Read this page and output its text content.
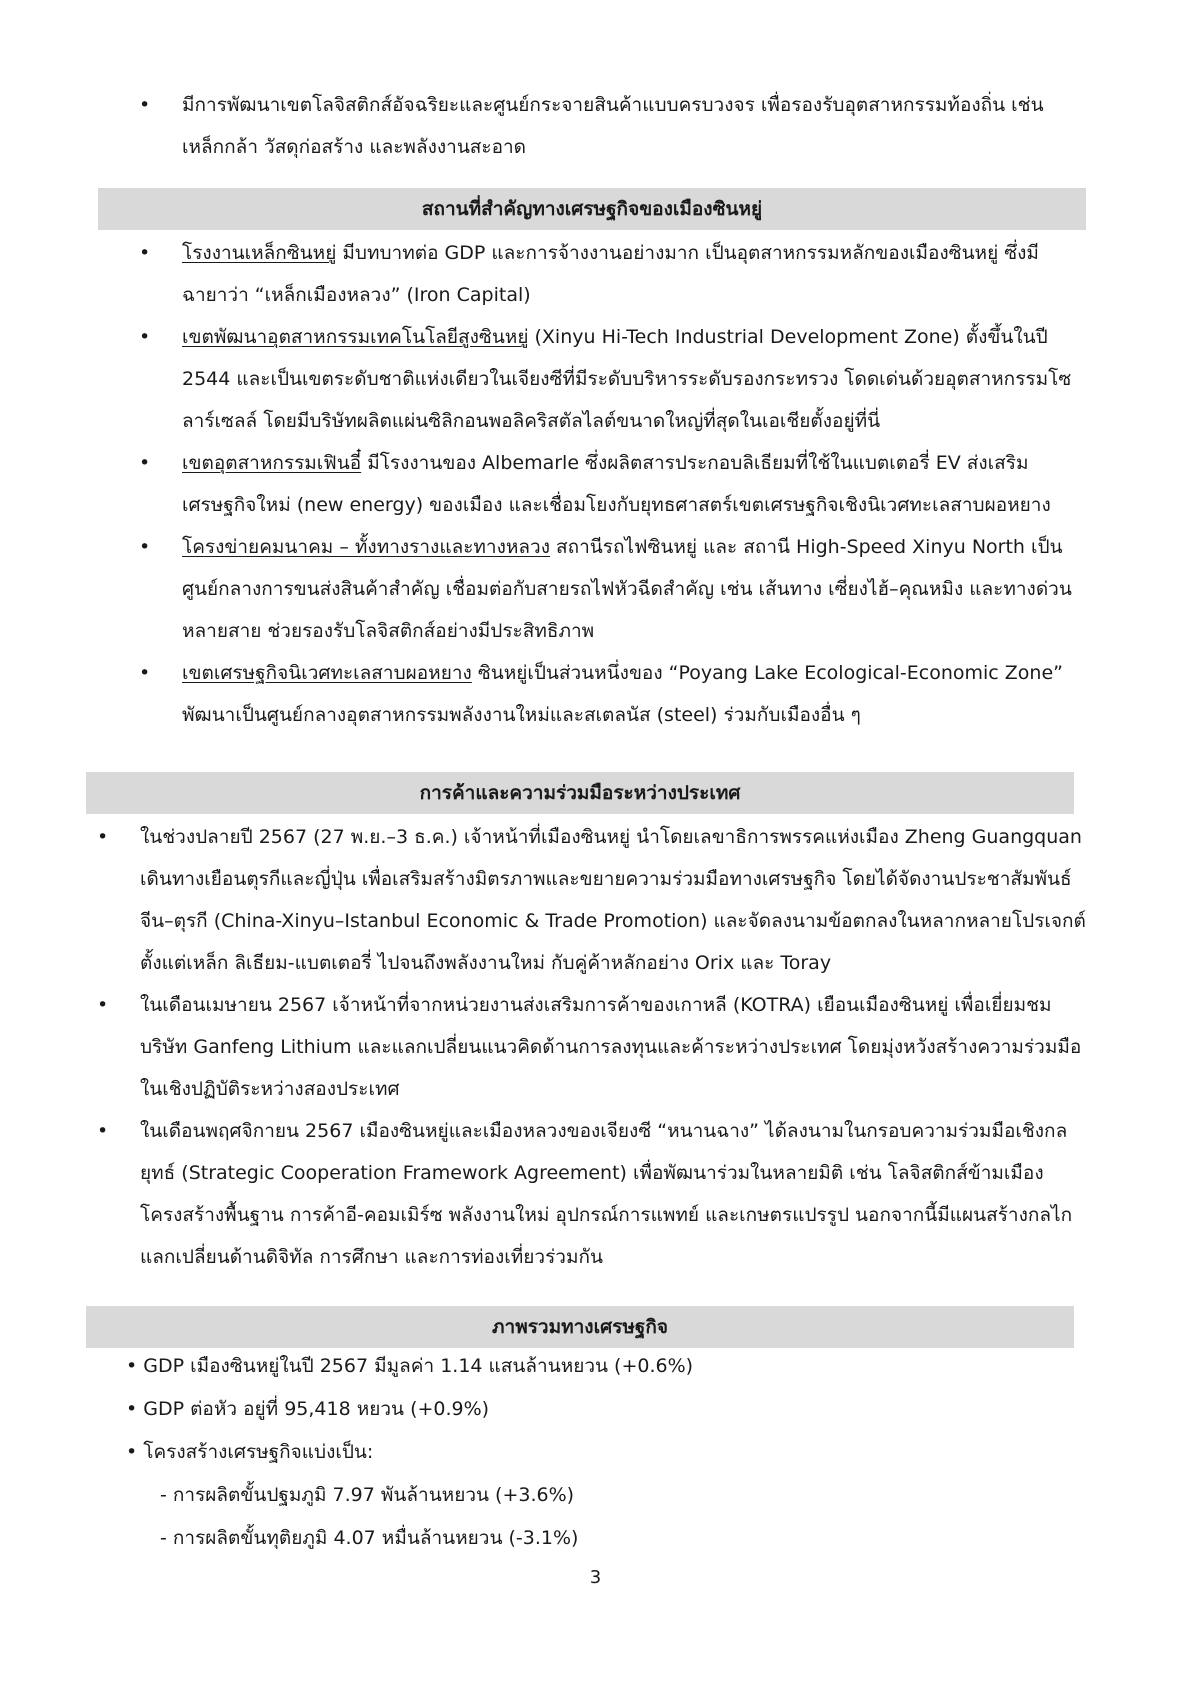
• มีการพัฒนาเขตโลจิสติกส์อัจฉริยะและศูนย์กระจายสินค้าแบบครบวงจร เพื่อรองรับอุตสาหกรรมท้องถิ่น เช่น เหล็กกล้า วัสดุก่อสร้าง และพลังงานสะอาด
สถานที่สำคัญทางเศรษฐกิจของเมืองซินหยู่
• โรงงานเหล็กซินหยู่ มีบทบาทต่อ GDP และการจ้างงานอย่างมาก เป็นอุตสาหกรรมหลักของเมืองซินหยู่ ซึ่งมีฉายาว่า “เหล็กเมืองหลวง” (Iron Capital)
• เขตพัฒนาอุตสาหกรรมเทคโนโลยีสูงซินหยู่ (Xinyu Hi-Tech Industrial Development Zone) ตั้งขึ้นในปี 2544 และเป็นเขตระดับชาติแห่งเดียวในเจียงซีที่มีระดับบริหารระดับรองกระทรวง โดดเด่นด้วยอุตสาหกรรมโซลาร์เซลล์ โดยมีบริษัทผลิตแผ่นซิลิกอนพอลิคริสตัลไลต์ขนาดใหญ่ที่สุดในเอเชียตั้งอยู่ที่นี่
• เขตอุตสาหกรรมเฟินอี๋ มีโรงงานของ Albemarle ซึ่งผลิตสารประกอบลิเธียมที่ใช้ในแบตเตอรี่ EV ส่งเสริมเศรษฐกิจใหม่ (new energy) ของเมือง และเชื่อมโยงกับยุทธศาสตร์เขตเศรษฐกิจเชิงนิเวศทะเลสาบผอหยาง
• โครงข่ายคมนาคม – ทั้งทางรางและทางหลวง สถานีรถไฟซินหยู่ และ สถานี High-Speed Xinyu North เป็นศูนย์กลางการขนส่งสินค้าสำคัญ เชื่อมต่อกับสายรถไฟหัวฉีดสำคัญ เช่น เส้นทาง เซี่ยงไฮ้–คุณหมิง และทางด่วนหลายสาย ช่วยรองรับโลจิสติกส์อย่างมีประสิทธิภาพ
• เขตเศรษฐกิจนิเวศทะเลสาบผอหยาง ซินหยู่เป็นส่วนหนึ่งของ “Poyang Lake Ecological-Economic Zone” พัฒนาเป็นศูนย์กลางอุตสาหกรรมพลังงานใหม่และสเตลนัส (steel) ร่วมกับเมืองอื่น ๆ
การค้าและความร่วมมือระหว่างประเทศ
• ในช่วงปลายปี 2567 (27 พ.ย.–3 ธ.ค.) เจ้าหน้าที่เมืองซินหยู่ นำโดยเลขาธิการพรรคแห่งเมือง Zheng Guangquan เดินทางเยือนตุรกีและญี่ปุ่น เพื่อเสริมสร้างมิตรภาพและขยายความร่วมมือทางเศรษฐกิจ โดยได้จัดงานประชาสัมพันธ์จีน–ตุรกี (China-Xinyu–Istanbul Economic & Trade Promotion) และจัดลงนามข้อตกลงในหลากหลายโปรเจกต์ ตั้งแต่เหล็ก ลิเธียม-แบตเตอรี่ ไปจนถึงพลังงานใหม่ กับคู่ค้าหลักอย่าง Orix และ Toray
• ในเดือนเมษายน 2567 เจ้าหน้าที่จากหน่วยงานส่งเสริมการค้าของเกาหลี (KOTRA) เยือนเมืองซินหยู่ เพื่อเยี่ยมชมบริษัท Ganfeng Lithium และแลกเปลี่ยนแนวคิดด้านการลงทุนและค้าระหว่างประเทศ โดยมุ่งหวังสร้างความร่วมมือในเชิงปฏิบัติระหว่างสองประเทศ
• ในเดือนพฤศจิกายน 2567 เมืองซินหยู่และเมืองหลวงของเจียงซี “หนานฉาง” ได้ลงนามในกรอบความร่วมมือเชิงกลยุทธ์ (Strategic Cooperation Framework Agreement) เพื่อพัฒนาร่วมในหลายมิติ เช่น โลจิสติกส์ข้ามเมือง โครงสร้างพื้นฐาน การค้าอี-คอมเมิร์ซ พลังงานใหม่ อุปกรณ์การแพทย์ และเกษตรแปรรูป นอกจากนี้มีแผนสร้างกลไกแลกเปลี่ยนด้านดิจิทัล การศึกษา และการท่องเที่ยวร่วมกัน
ภาพรวมทางเศรษฐกิจ
• GDP เมืองซินหยู่ในปี 2567 มีมูลค่า 1.14 แสนล้านหยวน (+0.6%)
• GDP ต่อหัว อยู่ที่ 95,418 หยวน (+0.9%)
• โครงสร้างเศรษฐกิจแบ่งเป็น:
- การผลิตขั้นปฐมภูมิ 7.97 พันล้านหยวน (+3.6%)
- การผลิตขั้นทุติยภูมิ 4.07 หมื่นล้านหยวน (-3.1%)
3
